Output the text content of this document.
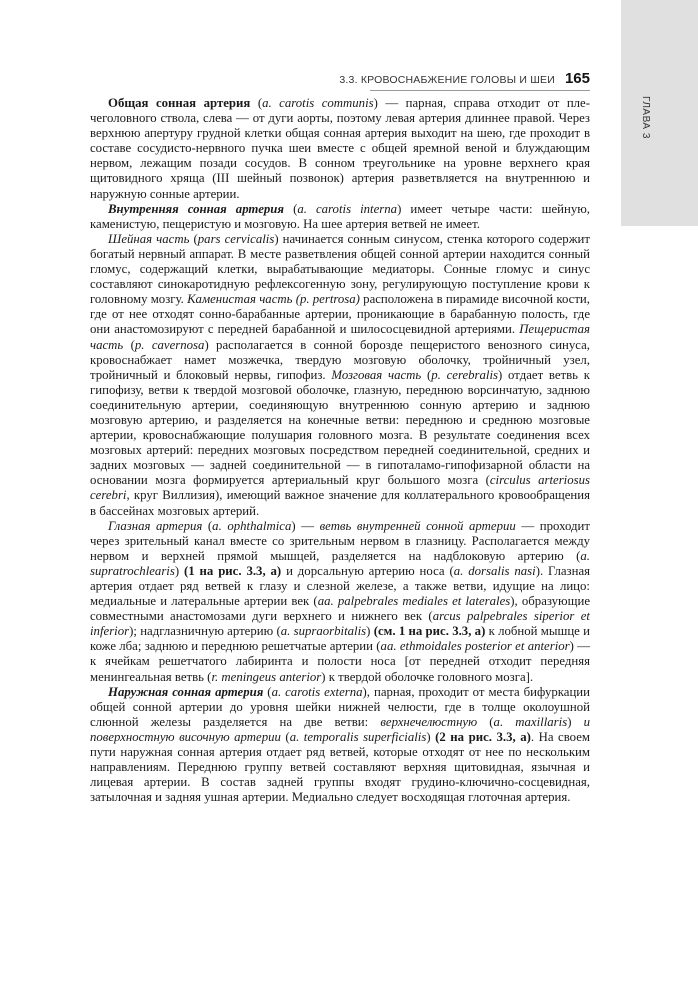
ГЛАВА 3
3.3. КРОВОСНАБЖЕНИЕ ГОЛОВЫ И ШЕИ 165

Общая сонная артерия (a. carotis communis) — парная, справа отходит от плечеголовного ствола, слева — от дуги аорты, поэтому левая артерия длиннее правой. Через верхнюю апертуру грудной клетки общая сонная артерия выходит на шею, где проходит в составе сосудисто-нервного пучка шеи вместе с общей яремной веной и блуждающим нервом, лежащим позади сосудов. В сонном треугольнике на уровне верхнего края щитовидного хряща (III шейный позвонок) артерия разветвляется на внутреннюю и наружную сонные артерии.

Внутренняя сонная артерия (a. carotis interna) имеет четыре части: шейную, каменистую, пещеристую и мозговую. На шее артерия ветвей не имеет.

Шейная часть (pars cervicalis) начинается сонным синусом, стенка которого содержит богатый нервный аппарат. В месте разветвления общей сонной артерии находится сонный гломус, содержащий клетки, вырабатывающие медиаторы. Сонные гломус и синус составляют синокаротидную рефлексогенную зону, регулирующую поступление крови к головному мозгу. Каменистая часть (p. pertrosa) расположена в пирамиде височной кости, где от нее отходят сонно-барабанные артерии, проникающие в барабанную полость, где они анастомозируют с передней барабанной и шилососцевидной артериями. Пещеристая часть (p. cavernosa) располагается в сонной борозде пещеристого венозного синуса, кровоснабжает намет мозжечка, твердую мозговую оболочку, тройничный узел, тройничный и блоковый нервы, гипофиз. Мозговая часть (p. cerebralis) отдает ветвь к гипофизу, ветви к твердой мозговой оболочке, глазную, переднюю ворсинчатую, заднюю соединительную артерии, соединяющую внутреннюю сонную артерию и заднюю мозговую артерию, и разделяется на конечные ветви: переднюю и среднюю мозговые артерии, кровоснабжающие полушария головного мозга. В результате соединения всех мозговых артерий: передних мозговых посредством передней соединительной, средних и задних мозговых — задней соединительной — в гипоталамо-гипофизарной области на основании мозга формируется артериальный круг большого мозга (circulus arteriosus cerebri, круг Виллизия), имеющий важное значение для коллатерального кровообращения в бассейнах мозговых артерий.

Глазная артерия (a. ophthalmica) — ветвь внутренней сонной артерии — проходит через зрительный канал вместе со зрительным нервом в глазницу. Располагается между нервом и верхней прямой мышцей, разделяется на надблоковую артерию (a. supratrochlearis) (1 на рис. 3.3, а) и дорсальную артерию носа (a. dorsalis nasi). Глазная артерия отдает ряд ветвей к глазу и слезной железе, а также ветви, идущие на лицо: медиальные и латеральные артерии век (aa. palpebrales mediales et laterales), образующие совместными анастомозами дуги верхнего и нижнего век (arcus palpebrales siperior et inferior); надглазничную артерию (a. supraorbitalis) (см. 1 на рис. 3.3, а) к лобной мышце и коже лба; заднюю и переднюю решетчатые артерии (aa. ethmoidales posterior et anterior) — к ячейкам решетчатого лабиринта и полости носа [от передней отходит передняя менингеальная ветвь (r. meningeus anterior) к твердой оболочке головного мозга].

Наружная сонная артерия (a. carotis externa), парная, проходит от места бифуркации общей сонной артерии до уровня шейки нижней челюсти, где в толще околоушной слюнной железы разделяется на две ветви: верхнечелюстную (a. maxillaris) и поверхностную височную артерии (a. temporalis superficialis) (2 на рис. 3.3, а). На своем пути наружная сонная артерия отдает ряд ветвей, которые отходят от нее по нескольким направлениям. Переднюю группу ветвей составляют верхняя щитовидная, язычная и лицевая артерии. В состав задней группы входят грудино-ключично-сосцевидная, затылочная и задняя ушная артерии. Медиально следует восходящая глоточная артерия.
